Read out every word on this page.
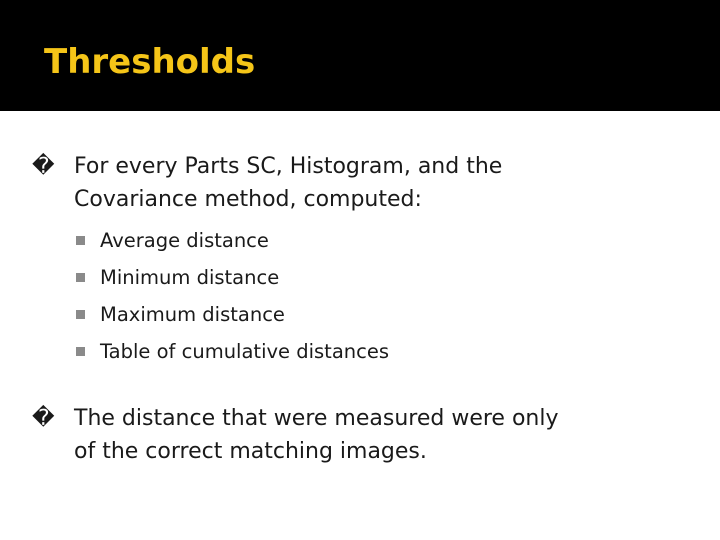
Thresholds

� For every Parts SC, Histogram, and the
Covariance method, computed:

Average distance
Minimum distance
Maximum distance
Table of cumulative distances

� The distance that were measured were only
of the correct matching images.
